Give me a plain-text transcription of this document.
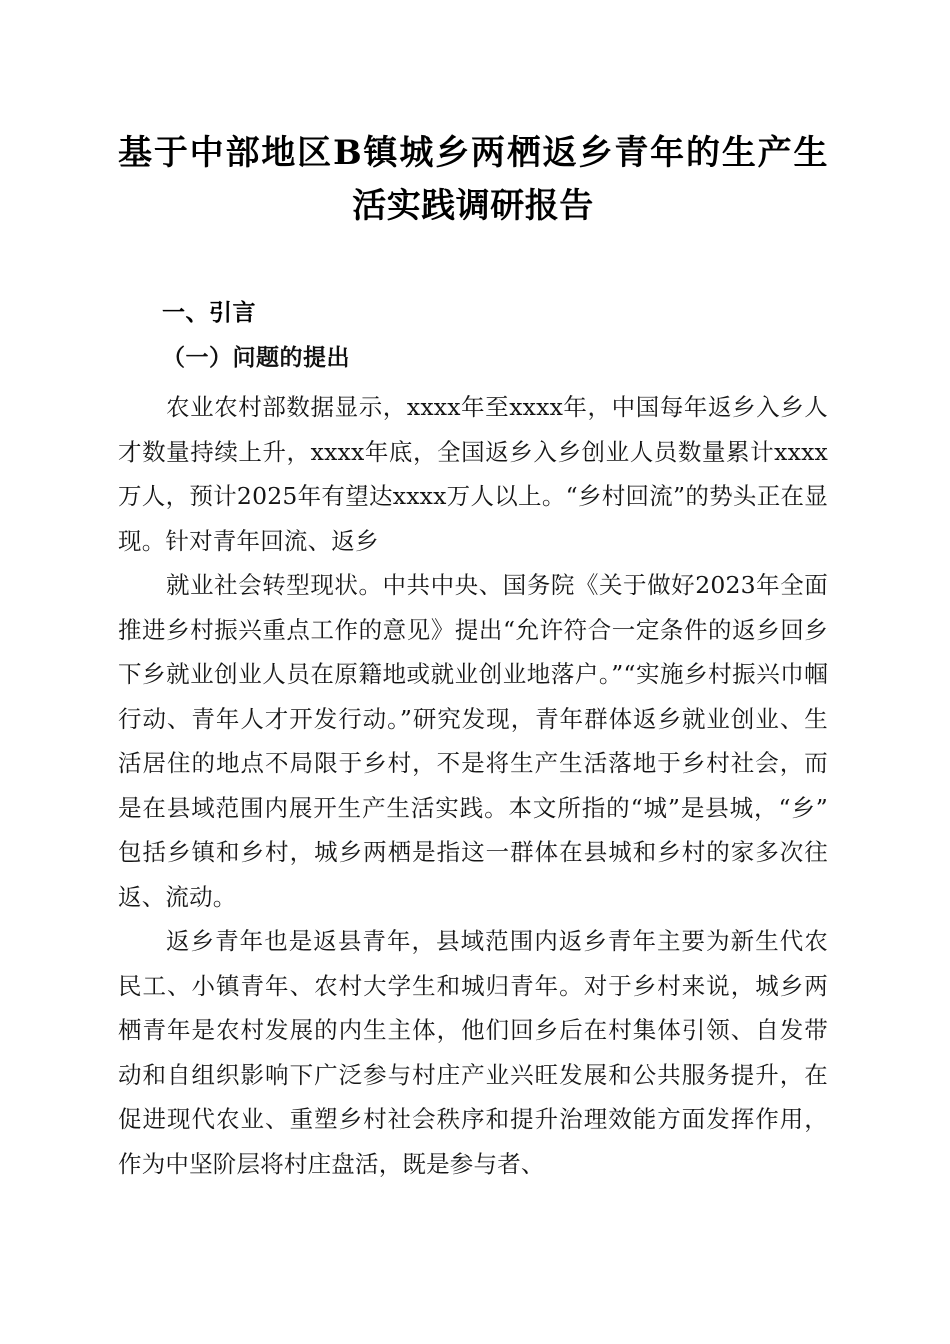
基于中部地区B镇城乡两栖返乡青年的生产生活实践调研报告
一、引言
（一）问题的提出

农业农村部数据显示，xxxx年至xxxx年，中国每年返乡入乡人才数量持续上升，xxxx年底，全国返乡入乡创业人员数量累计xxxx万人，预计2025年有望达xxxx万人以上。“乡村回流”的势头正在显现。针对青年回流、返乡

就业社会转型现状。中共中央、国务院《关于做好2023年全面推进乡村振兴重点工作的意见》提出“允许符合一定条件的返乡回乡下乡就业创业人员在原籍地或就业创业地落户。”“实施乡村振兴巾帼行动、青年人才开发行动。”研究发现，青年群体返乡就业创业、生活居住的地点不局限于乡村，不是将生产生活落地于乡村社会，而是在县域范围内展开生产生活实践。本文所指的“城”是县城，“乡”包括乡镇和乡村，城乡两栖是指这一群体在县城和乡村的家多次往返、流动。

返乡青年也是返县青年，县域范围内返乡青年主要为新生代农民工、小镇青年、农村大学生和城归青年。对于乡村来说，城乡两栖青年是农村发展的内生主体，他们回乡后在村集体引领、自发带动和自组织影响下广泛参与村庄产业兴旺发展和公共服务提升，在促进现代农业、重塑乡村社会秩序和提升治理效能方面发挥作用，作为中坚阶层将村庄盘活，既是参与者、
